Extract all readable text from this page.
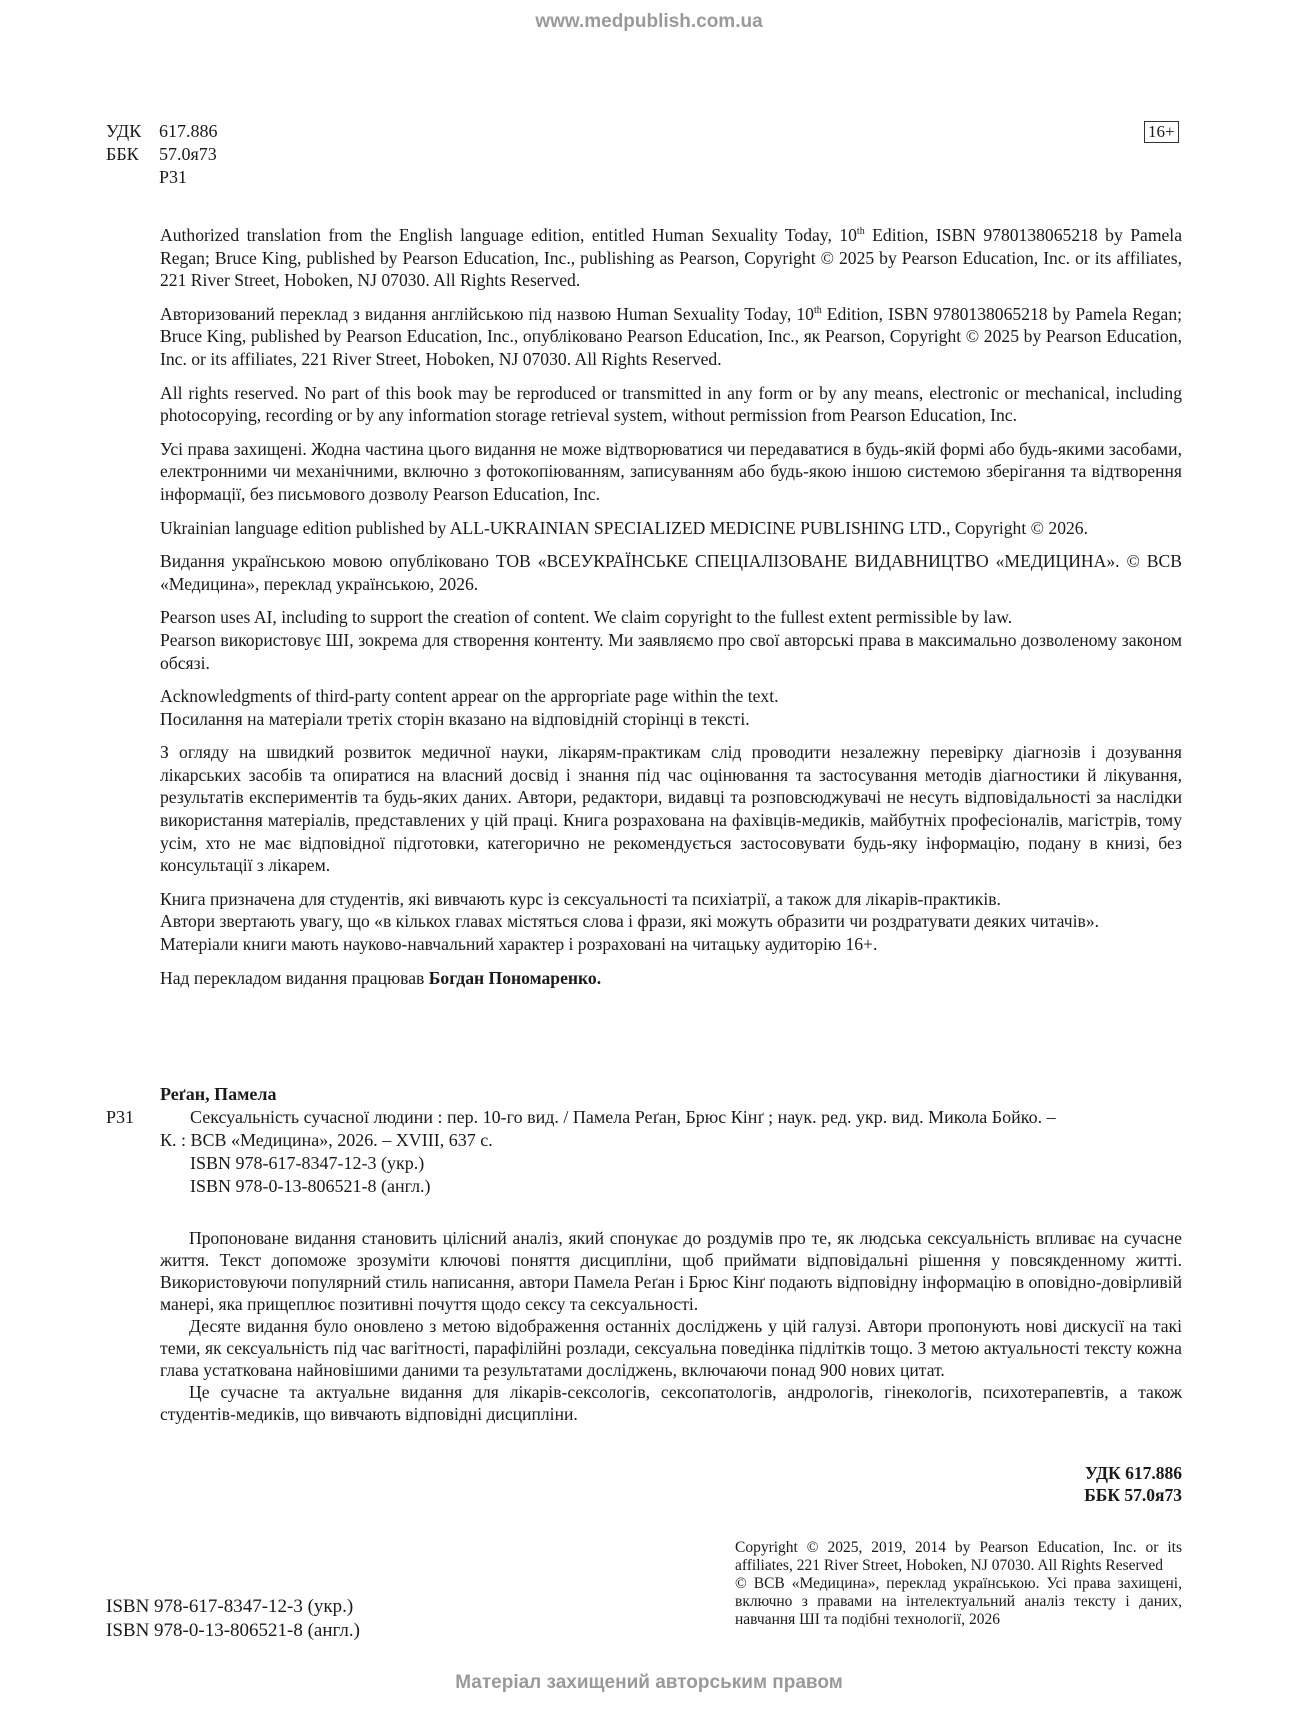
www.medpublish.com.ua
УДК 617.886
ББК	57.0я73
Р31
16+

Authorized translation from the English language edition, entitled Human Sexuality Today, 10th Edition, ISBN 9780138065218 by Pamela Regan; Bruce King, published by Pearson Education, Inc., publishing as Pearson, Copyright © 2025 by Pearson Education, Inc. or its affiliates, 221 River Street, Hoboken, NJ 07030. All Rights Reserved.

Авторизований переклад з видання англійською під назвою Human Sexuality Today, 10th Edition, ISBN 9780138065218 by Pamela Regan; Bruce King, published by Pearson Education, Inc., опубліковано Pearson Education, Inc., як Pearson, Copyright © 2025 by Pearson Education, Inc. or its affiliates, 221 River Street, Hoboken, NJ 07030. All Rights Reserved.

All rights reserved. No part of this book may be reproduced or transmitted in any form or by any means, electronic or mechanical, including photocopying, recording or by any information storage retrieval system, without permission from Pearson Education, Inc.

Усі права захищені. Жодна частина цього видання не може відтворюватися чи передаватися в будь-якій формі або будь-якими засобами, електронними чи механічними, включно з фотокопіюванням, записуванням або будь-якою іншою системою зберігання та відтворення інформації, без письмового дозволу Pearson Education, Inc.

Ukrainian language edition published by ALL-UKRAINIAN SPECIALIZED MEDICINE PUBLISHING LTD., Copyright © 2026.

Видання українською мовою опубліковано ТОВ «ВСЕУКРАЇНСЬКЕ СПЕЦІАЛІЗОВАНЕ ВИДАВНИЦТВО «МЕДИЦИНА». © ВСВ «Медицина», переклад українською, 2026.

Pearson uses AI, including to support the creation of content. We claim copyright to the fullest extent permissible by law.
Pearson використовує ШІ, зокрема для створення контенту. Ми заявляємо про свої авторські права в максимально дозволеному законом обсязі.

Acknowledgments of third-party content appear on the appropriate page within the text.
Посилання на матеріали третіх сторін вказано на відповідній сторінці в тексті.

З огляду на швидкий розвиток медичної науки, лікарям-практикам слід проводити незалежну перевірку діагнозів і дозування лікарських засобів та опиратися на власний досвід і знання під час оцінювання та застосування методів діагностики й лікування, результатів експериментів та будь-яких даних. Автори, редактори, видавці та розповсюджувачі не несуть відповідальності за наслідки використання матеріалів, представлених у цій праці. Книга розрахована на фахівців-медиків, майбутніх професіоналів, магістрів, тому усім, хто не має відповідної підготовки, категорично не рекомендується застосовувати будь-яку інформацію, подану в книзі, без консультації з лікарем.

Книга призначена для студентів, які вивчають курс із сексуальності та психіатрії, а також для лікарів-практиків.
Автори звертають увагу, що «в кількох главах містяться слова і фрази, які можуть образити чи роздратувати деяких читачів».
Матеріали книги мають науково-навчальний характер і розраховані на читацьку аудиторію 16+.

Над перекладом видання працював Богдан Пономаренко.

Реґан, Памела
Р31	Сексуальність сучасної людини : пер. 10-го вид. / Памела Реґан, Брюс Кінґ ; наук. ред. укр. вид. Микола Бойко. –
К. : ВСВ «Медицина», 2026. – XVIII, 637 с.
ISBN 978-617-8347-12-3 (укр.)
ISBN 978-0-13-806521-8 (англ.)

Пропоноване видання становить цілісний аналіз, який спонукає до роздумів про те, як людська сексуальність впливає на сучасне життя. Текст допоможе зрозуміти ключові поняття дисципліни, щоб приймати відповідальні рішення у повсякденному житті. Використовуючи популярний стиль написання, автори Памела Реґан і Брюс Кінґ подають відповідну інформацію в оповідно-довірливій манері, яка прищеплює позитивні почуття щодо сексу та сексуальності.

Десяте видання було оновлено з метою відображення останніх досліджень у цій галузі. Автори пропонують нові дискусії на такі теми, як сексуальність під час вагітності, парафілійні розлади, сексуальна поведінка підлітків тощо. З метою актуальності тексту кожна глава устаткована найновішими даними та результатами досліджень, включаючи понад 900 нових цитат.

Це сучасне та актуальне видання для лікарів-сексологів, сексопатологів, андрологів, гінекологів, психотерапевтів, а також студентів-медиків, що вивчають відповідні дисципліни.

УДК 617.886
ББК 57.0я73

Copyright © 2025, 2019, 2014 by Pearson Education, Inc. or its affiliates, 221 River Street, Hoboken, NJ 07030. All Rights Reserved

© ВСВ «Медицина», переклад українською. Усі права захищені, включно з правами на інтелектуальний аналіз тексту і даних, навчання ШІ та подібні технології, 2026

ISBN 978-617-8347-12-3 (укр.)
ISBN 978-0-13-806521-8 (англ.)
Матеріал захищений авторським правом
